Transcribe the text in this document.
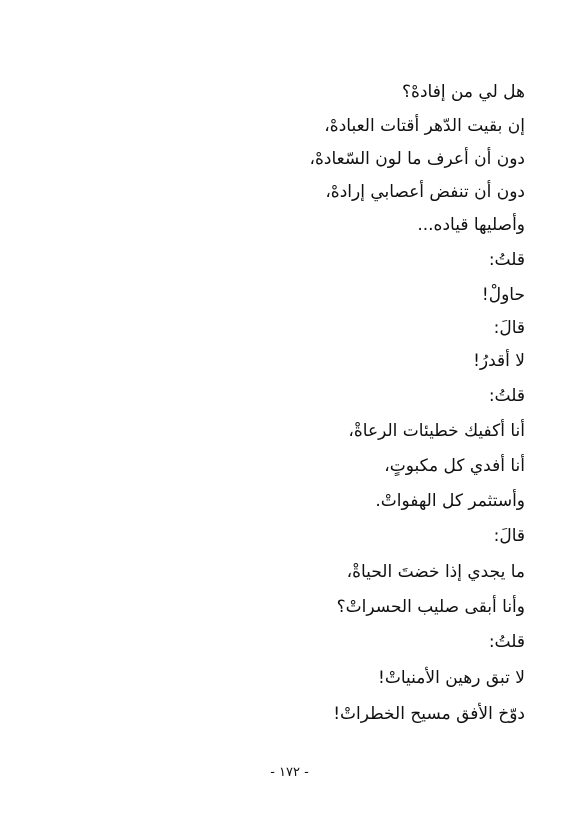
هل لي من إفادهْ؟

إن بقيت الدّهر أقتات العبادهْ،

دون أن أعرف ما لون السّعادهْ،

دون أن تنفض أعصابي إرادهْ،

وأصليها قياده...

قلتُ:

حاولْ!

قالَ:

لا أقدرُ!

قلتُ:

أنا أكفيك خطيئات الرعاةْ،

أنا أفدي كل مكبوتٍ،

وأستثمر كل الهفواتْ.

قالَ:

ما يجدي إذا خضتَ الحياةْ،

وأنا أبقى صليب الحسراتْ؟

قلتُ:

لا تبق رهين الأمنياتْ!

دوّخ الأفق مسيح الخطراتْ!

- ١٧٢ -
